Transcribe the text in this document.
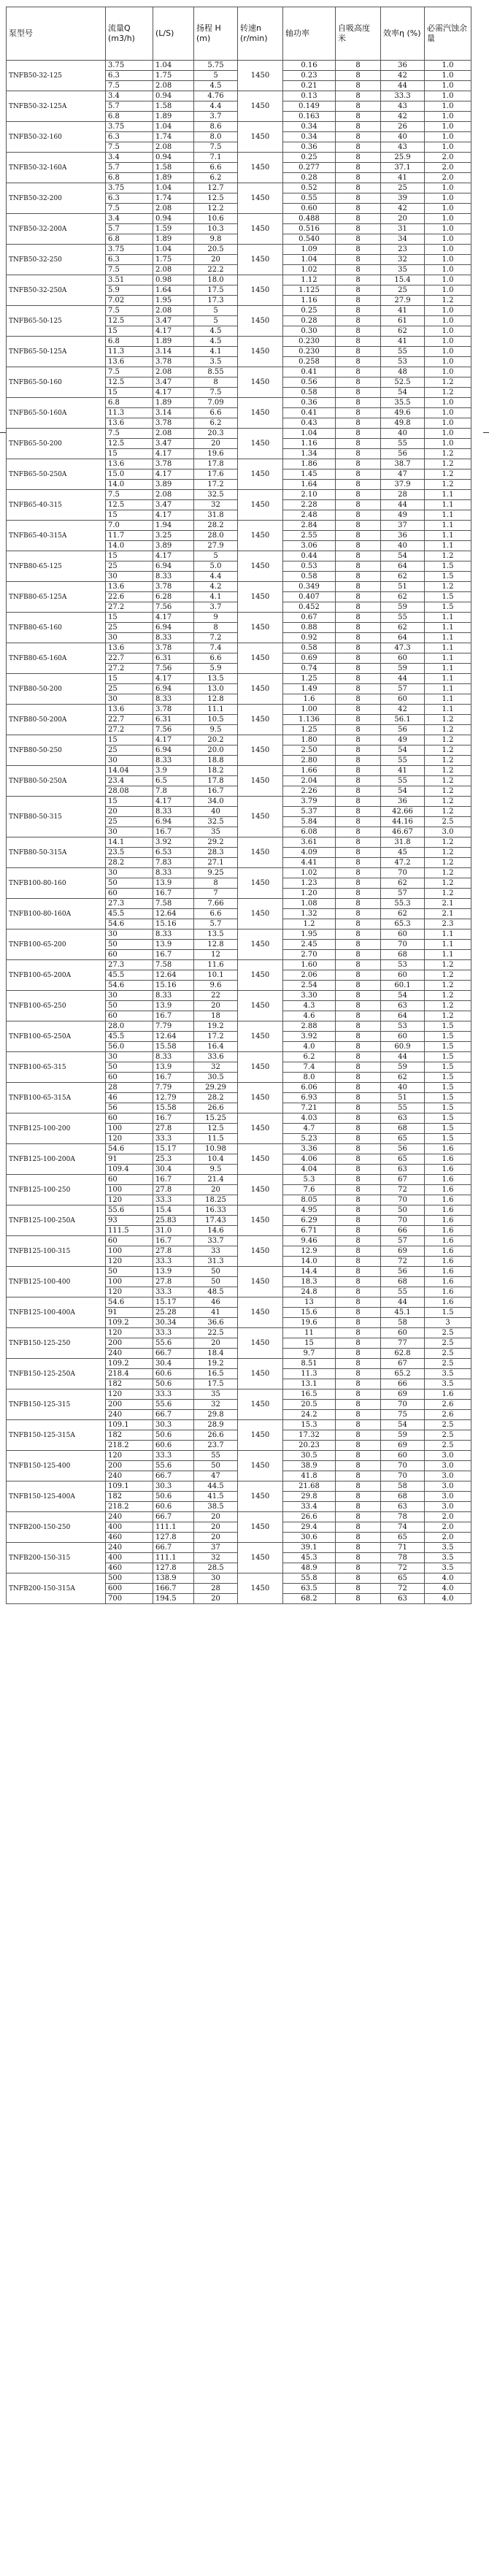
泵型号	流量Q (m3/h)	(L/S)	扬程 H (m)	转速n (r/min)	轴功率	自吸高度 米	效率η (%)	必需汽蚀余量
TNFB50-32-125	3.75	1.04	5.75	1450	0.16	8	36	1.0
	6.3	1.75	5		0.23	8	42	1.0
	7.5	2.08	4.5		0.21	8	44	1.0
TNFB50-32-125A	3.4	0.94	4.76	1450	0.13	8	33.3	1.0
	5.7	1.58	4.4		0.149	8	43	1.0
	6.8	1.89	3.7		0.163	8	42	1.0
TNFB50-32-160	3.75	1.04	8.6	1450	0.34	8	26	1.0
	6.3	1.74	8.0		0.34	8	40	1.0
	7.5	2.08	7.5		0.36	8	43	1.0
TNFB50-32-160A	3.4	0.94	7.1	1450	0.25	8	25.9	2.0
	5.7	1.58	6.6		0.277	8	37.1	2.0
	6.8	1.89	6.2		0.28	8	41	2.0
TNFB50-32-200	3.75	1.04	12.7	1450	0.52	8	25	1.0
	6.3	1.74	12.5		0.55	8	39	1.0
	7.5	2.08	12.2		0.60	8	42	1.0
TNFB50-32-200A	3.4	0.94	10.6	1450	0.488	8	20	1.0
	5.7	1.59	10.3		0.516	8	31	1.0
	6.8	1.89	9.8		0.540	8	34	1.0
TNFB50-32-250	3.75	1.04	20.5	1450	1.09	8	23	1.0
	6.3	1.75	20		1.04	8	32	1.0
	7.5	2.08	22.2		1.02	8	35	1.0
TNFB50-32-250A	3.51	0.98	18.0	1450	1.12	8	15.4	1.0
	5.9	1.64	17.5		1.125	8	25	1.0
	7.02	1.95	17.3		1.16	8	27.9	1.2
TNFB65-50-125	7.5	2.08	5	1450	0.25	8	41	1.0
	12.5	3.47	5		0.28	8	61	1.0
	15	4.17	4.5		0.30	8	62	1.0
TNFB65-50-125A	6.8	1.89	4.5	1450	0.230	8	41	1.0
	11.3	3.14	4.1		0.230	8	55	1.0
	13.6	3.78	3.5		0.258	8	53	1.0
TNFB65-50-160	7.5	2.08	8.55	1450	0.41	8	48	1.0
	12.5	3.47	8		0.56	8	52.5	1.2
	15	4.17	7.5		0.58	8	54	1.2
TNFB65-50-160A	6.8	1.89	7.09	1450	0.36	8	35.5	1.0
	11.3	3.14	6.6		0.41	8	49.6	1.0
	13.6	3.78	6.2		0.43	8	49.8	1.0
TNFB65-50-200	7.5	2.08	20.3	1450	1.04	8	40	1.0
	12.5	3.47	20		1.16	8	55	1.0
	15	4.17	19.6		1.34	8	56	1.2
TNFB65-50-250A	13.6	3.78	17.8	1450	1.86	8	38.7	1.2
	15.0	4.17	17.6		1.45	8	47	1.2
	14.0	3.89	17.2		1.64	8	37.9	1.2
TNFB65-40-315	7.5	2.08	32.5	1450	2.10	8	28	1.1
	12.5	3.47	32		2.28	8	44	1.1
	15	4.17	31.8		2.48	8	49	1.1
TNFB65-40-315A	7.0	1.94	28.2	1450	2.84	8	37	1.1
	11.7	3.25	28.0		2.55	8	36	1.1
	14.0	3.89	27.9		3.06	8	40	1.1
TNFB80-65-125	15	4.17	5	1450	0.44	8	54	1.2
	25	6.94	5.0		0.53	8	64	1.5
	30	8.33	4.4		0.58	8	62	1.5
TNFB80-65-125A	13.6	3.78	4.2	1450	0.349	8	51	1.2
	22.6	6.28	4.1		0.407	8	62	1.5
	27.2	7.56	3.7		0.452	8	59	1.5
TNFB80-65-160	15	4.17	9	1450	0.67	8	55	1.1
	25	6.94	8		0.88	8	62	1.1
	30	8.33	7.2		0.92	8	64	1.1
TNFB80-65-160A	13.6	3.78	7.4	1450	0.58	8	47.3	1.1
	22.7	6.31	6.6		0.69	8	60	1.1
	27.2	7.56	5.9		0.74	8	59	1.1
TNFB80-50-200	15	4.17	13.5	1450	1.25	8	44	1.1
	25	6.94	13.0		1.49	8	57	1.1
	30	8.33	12.8		1.6	8	60	1.1
TNFB80-50-200A	13.6	3.78	11.1	1450	1.00	8	42	1.1
	22.7	6.31	10.5		1.136	8	56.1	1.2
	27.2	7.56	9.5		1.25	8	56	1.2
TNFB80-50-250	15	4.17	20.2	1450	1.80	8	49	1.2
	25	6.94	20.0		2.50	8	54	1.2
	30	8.33	18.8		2.80	8	55	1.2
TNFB80-50-250A	14.04	3.9	18.2	1450	1.66	8	41	1.2
	23.4	6.5	17.8		2.04	8	55	1.2
	28.08	7.8	16.7		2.26	8	54	1.2
TNFB80-50-315	15	4.17	34.0	1450	3.79	8	36	1.2
	20	8.33	40		5.37	8	42.66	1.2
	25	6.94	32.5		5.84	8	44.16	2.5
	30	16.7	35		6.08	8	46.67	3.0
TNFB80-50-315A	14.1	3.92	29.2	1450	3.61	8	31.8	1.2
	23.5	6.53	28.3		4.09	8	45	1.2
	28.2	7.83	27.1		4.41	8	47.2	1.2
TNFB100-80-160	30	8.33	9.25	1450	1.02	8	70	1.2
	50	13.9	8		1.23	8	62	1.2
	60	16.7	7		1.20	8	57	1.2
TNFB100-80-160A	27.3	7.58	7.66	1450	1.08	8	55.3	2.1
	45.5	12.64	6.6		1.32	8	62	2.1
	54.6	15.16	5.7		1.2	8	65.3	2.3
TNFB100-65-200	30	8.33	13.5	1450	1.95	8	60	1.1
	50	13.9	12.8		2.45	8	70	1.1
	60	16.7	12		2.70	8	68	1.1
TNFB100-65-200A	27.3	7.58	11.6	1450	1.60	8	53	1.2
	45.5	12.64	10.1		2.06	8	60	1.2
	54.6	15.16	9.6		2.54	8	60.1	1.2
TNFB100-65-250	30	8.33	22	1450	3.30	8	54	1.2
	50	13.9	20		4.3	8	63	1.2
	60	16.7	18		4.6	8	64	1.2
TNFB100-65-250A	28.0	7.79	19.2	1450	2.88	8	53	1.5
	45.5	12.64	17.2		3.92	8	60	1.5
	56.0	15.58	16.4		4.0	8	60.9	1.5
TNFB100-65-315	30	8.33	33.6	1450	6.2	8	44	1.5
	50	13.9	32		7.4	8	59	1.5
	60	16.7	30.5		8.0	8	62	1.5
TNFB100-65-315A	28	7.79	29.29	1450	6.06	8	40	1.5
	46	12.79	28.2		6.93	8	51	1.5
	56	15.58	26.6		7.21	8	55	1.5
TNFB125-100-200	60	16.7	15.25	1450	4.03	8	63	1.5
	100	27.8	12.5		4.7	8	68	1.5
	120	33.3	11.5		5.23	8	65	1.5
TNFB125-100-200A	54.6	15.17	10.98	1450	3.36	8	56	1.6
	91	25.3	10.4		4.06	8	65	1.6
	109.4	30.4	9.5		4.04	8	63	1.6
TNFB125-100-250	60	16.7	21.4	1450	5.3	8	67	1.6
	100	27.8	20		7.6	8	72	1.6
	120	33.3	18.25		8.05	8	70	1.6
TNFB125-100-250A	55.6	15.4	16.33	1450	4.95	8	50	1.6
	93	25.83	17.43		6.29	8	70	1.6
	111.5	31.0	14.6		6.71	8	66	1.6
TNFB125-100-315	60	16.7	33.7	1450	9.46	8	57	1.6
	100	27.8	33		12.9	8	69	1.6
	120	33.3	31.3		14.0	8	72	1.6
TNFB125-100-400	50	13.9	50	1450	14.4	8	56	1.6
	100	27.8	50		18.3	8	68	1.6
	120	33.3	48.5		24.8	8	55	1.6
TNFB125-100-400A	54.6	15.17	46	1450	13	8	44	1.6
	91	25.28	41		15.6	8	45.1	1.5
	109.2	30.34	36.6		19.6	8	58	3
TNFB150-125-250	120	33.3	22.5	1450	11	8	60	2.5
	200	55.6	20		15	8	77	2.5
	240	66.7	18.4		9.7	8	62.8	2.5
TNFB150-125-250A	109.2	30.4	19.2	1450	8.51	8	67	2.5
	218.4	60.6	16.5		11.3	8	65.2	3.5
	182	50.6	17.5		13.1	8	66	3.5
TNFB150-125-315	120	33.3	35	1450	16.5	8	69	1.6
	200	55.6	32		20.5	8	70	2.6
	240	66.7	29.8		24.2	8	75	2.6
TNFB150-125-315A	109.1	30.3	28.9	1450	15.3	8	54	2.5
	182	50.6	26.6		17.32	8	59	2.5
	218.2	60.6	23.7		20.23	8	69	2.5
TNFB150-125-400	120	33.3	55	1450	30.5	8	60	3.0
	200	55.6	50		38.9	8	70	3.0
	240	66.7	47		41.8	8	70	3.0
TNFB150-125-400A	109.1	30.3	44.5	1450	21.68	8	58	3.0
	182	50.6	41.5		29.8	8	68	3.0
	218.2	60.6	38.5		33.4	8	63	3.0
TNFB200-150-250	240	66.7	20	1450	26.6	8	78	2.0
	400	111.1	20		29.4	8	74	2.0
	460	127.8	20		30.6	8	65	2.0
TNFB200-150-315	240	66.7	37	1450	39.1	8	71	3.5
	400	111.1	32		45.3	8	78	3.5
	460	127.8	28.5		48.9	8	72	3.5
TNFB200-150-315A	500	138.9	30	1450	55.8	8	65	4.0
	600	166.7	28		63.5	8	72	4.0
	700	194.5	20		68.2	8	63	4.0
